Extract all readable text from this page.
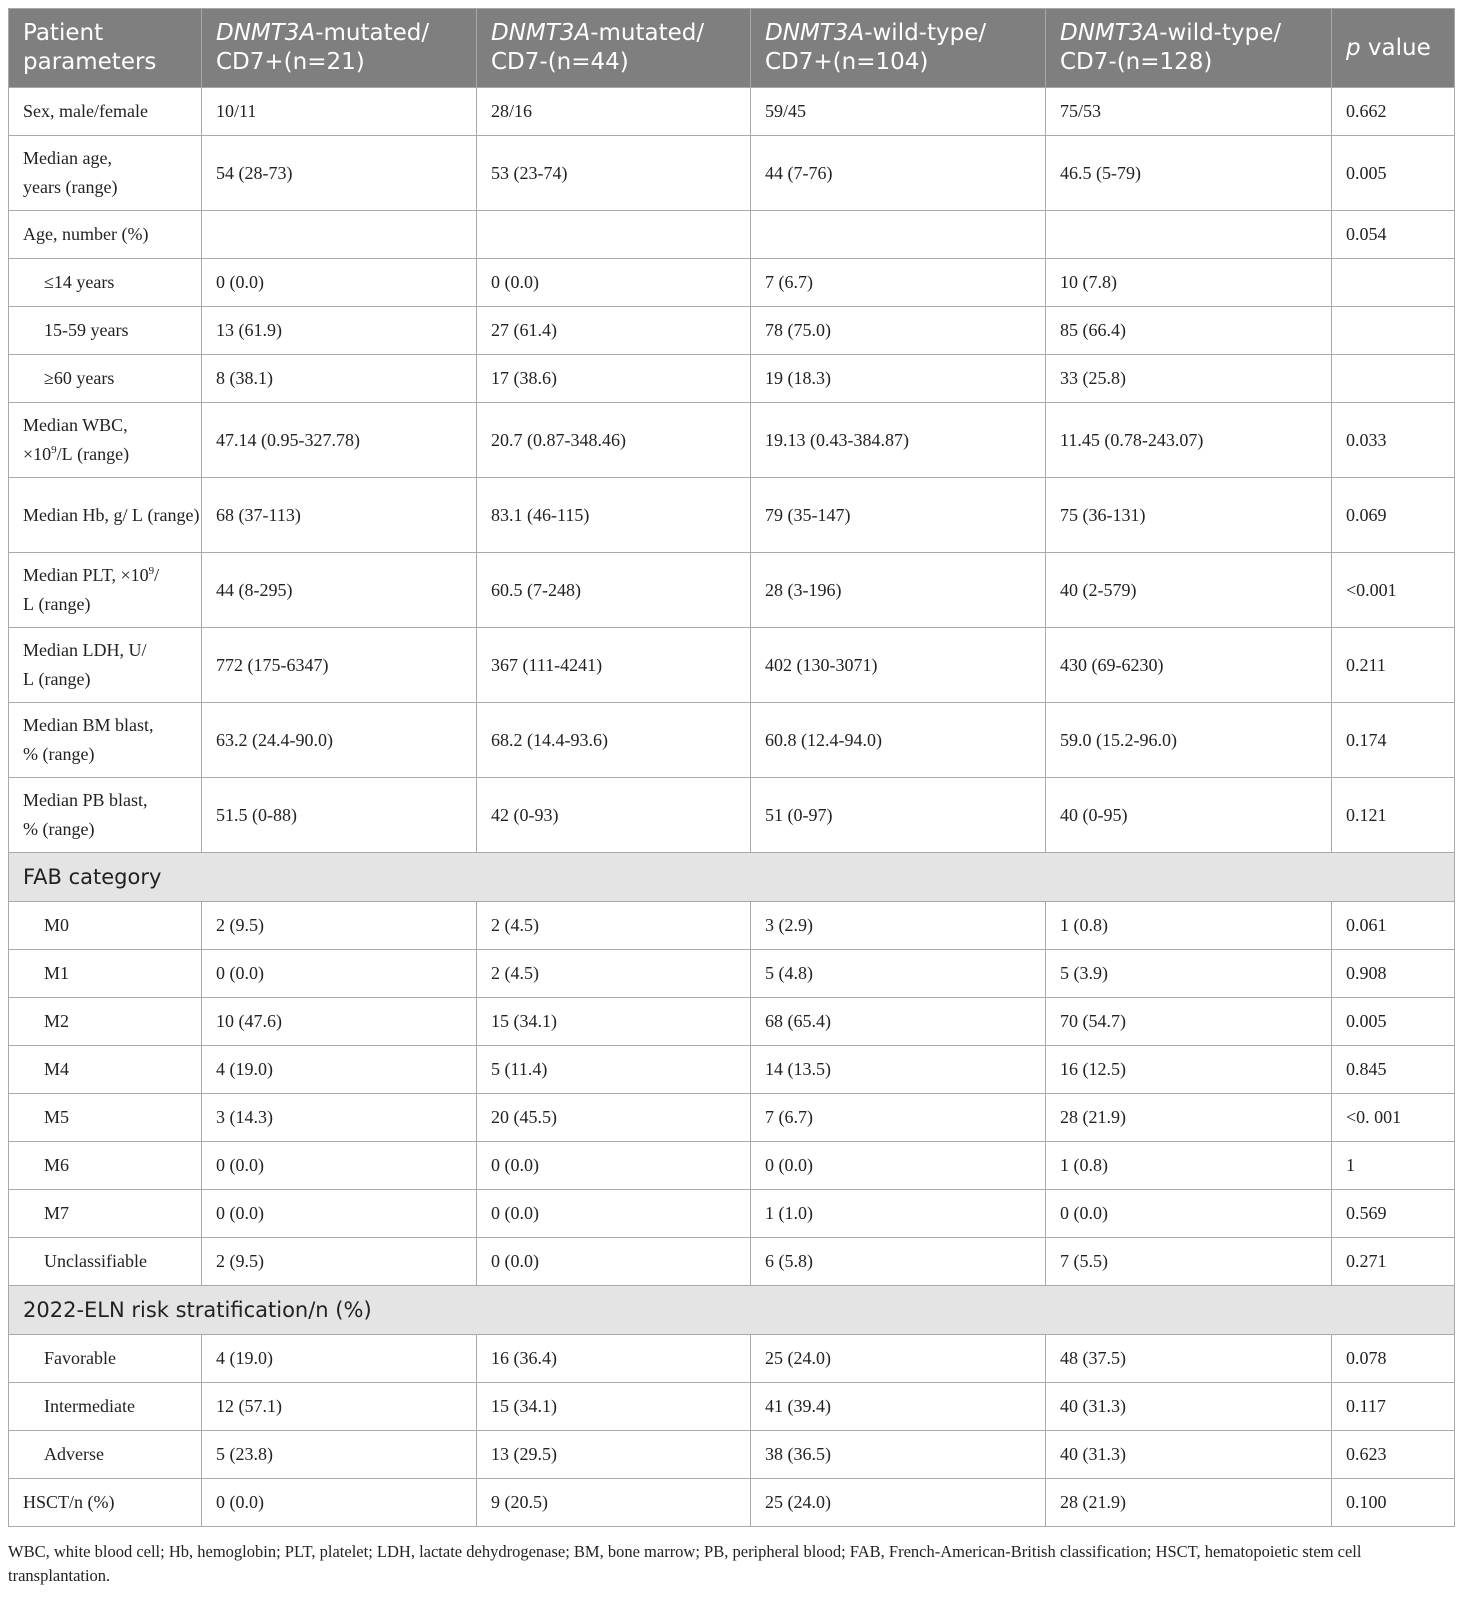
Patient parameters	DNMT3A-mutated/ CD7+(n=21)	DNMT3A-mutated/ CD7-(n=44)	DNMT3A-wild-type/ CD7+(n=104)	DNMT3A-wild-type/ CD7-(n=128)	p value
Sex, male/female	10/11	28/16	59/45	75/53	0.662
Median age, years (range)	54 (28-73)	53 (23-74)	44 (7-76)	46.5 (5-79)	0.005
Age, number (%)					0.054
≤14 years	0 (0.0)	0 (0.0)	7 (6.7)	10 (7.8)	
15-59 years	13 (61.9)	27 (61.4)	78 (75.0)	85 (66.4)	
≥60 years	8 (38.1)	17 (38.6)	19 (18.3)	33 (25.8)	
Median WBC, $\times 10^9/L$ (range)	47.14 (0.95-327.78)	20.7 (0.87-348.46)	19.13 (0.43-384.87)	11.45 (0.78-243.07)	0.033
Median Hb, g/ L (range)	68 (37-113)	83.1 (46-115)	79 (35-147)	75 (36-131)	0.069
Median PLT, $\times 10^9/$ L (range)	44 (8-295)	60.5 (7-248)	28 (3-196)	40 (2-579)	<0.001
Median LDH, U/ L (range)	772 (175-6347)	367 (111-4241)	402 (130-3071)	430 (69-6230)	0.211
Median BM blast, % (range)	63.2 (24.4-90.0)	68.2 (14.4-93.6)	60.8 (12.4-94.0)	59.0 (15.2-96.0)	0.174
Median PB blast, % (range)	51.5 (0-88)	42 (0-93)	51 (0-97)	40 (0-95)	0.121
FAB category					
M0	2 (9.5)	2 (4.5)	3 (2.9)	1 (0.8)	0.061
M1	0 (0.0)	2 (4.5)	5 (4.8)	5 (3.9)	0.908
M2	10 (47.6)	15 (34.1)	68 (65.4)	70 (54.7)	0.005
M4	4 (19.0)	5 (11.4)	14 (13.5)	16 (12.5)	0.845
M5	3 (14.3)	20 (45.5)	7 (6.7)	28 (21.9)	<0. 001
M6	0 (0.0)	0 (0.0)	0 (0.0)	1 (0.8)	1
M7	0 (0.0)	0 (0.0)	1 (1.0)	0 (0.0)	0.569
Unclassifiable	2 (9.5)	0 (0.0)	6 (5.8)	7 (5.5)	0.271
2022-ELN risk stratification/n (%)					
Favorable	4 (19.0)	16 (36.4)	25 (24.0)	48 (37.5)	0.078
Intermediate	12 (57.1)	15 (34.1)	41 (39.4)	40 (31.3)	0.117
Adverse	5 (23.8)	13 (29.5)	38 (36.5)	40 (31.3)	0.623
HSCT/n (%)	0 (0.0)	9 (20.5)	25 (24.0)	28 (21.9)	0.100
WBC, white blood cell; Hb, hemoglobin; PLT, platelet; LDH, lactate dehydrogenase; BM, bone marrow; PB, peripheral blood; FAB, French-American-British classification; HSCT, hematopoietic stem cell transplantation.
